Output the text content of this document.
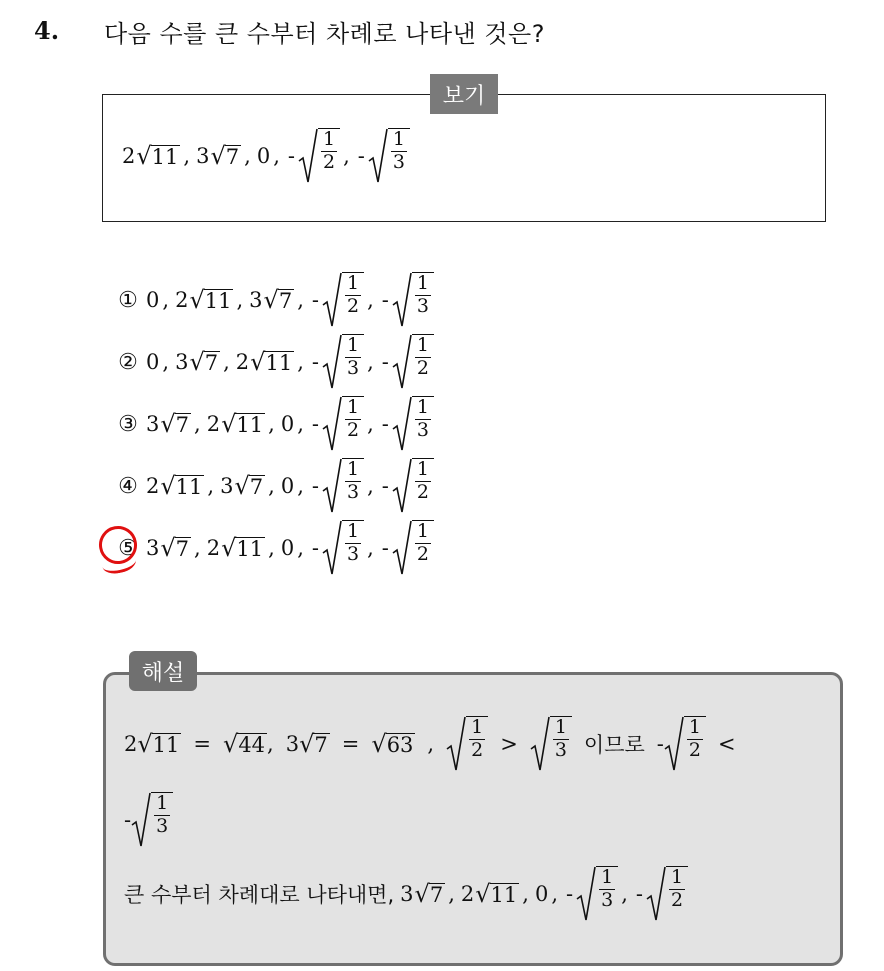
4. 다음 수를 큰 수부터 차례로 나타낸 것은?
보기
2 √ 11 , 3 √ 7 , 0 , - $\frac{1}{2}$ , - $\frac{1}{3}$
① 0 , 2 √ 11 , 3 √ 7 , - $\frac{1}{2}$ , - $\frac{1}{3}$
② 0 , 3 √ 7 , 2 √ 11 , - $\frac{1}{3}$ , - $\frac{1}{2}$
③ 3 √ 7 , 2 √ 11 , 0 , - $\frac{1}{2}$ , - $\frac{1}{3}$
④ 2 √ 11 , 3 √ 7 , 0 , - $\frac{1}{3}$ , - $\frac{1}{2}$
⑤ 3 √ 7 , 2 √ 11 , 0 , - $\frac{1}{3}$ , - $\frac{1}{2}$
해설
2 √ 11 = √ 44 , 3 √ 7 = √ 63 , $\frac{1}{2} > \frac{1}{3}$ 이므로 - $\frac{1}{2}$ <
- $\frac{1}{3}$
큰 수부터 차례대로 나타내면, 3 √ 7 , 2 √ 11 , 0 , - $\frac{1}{3}$ , - $\frac{1}{2}$
